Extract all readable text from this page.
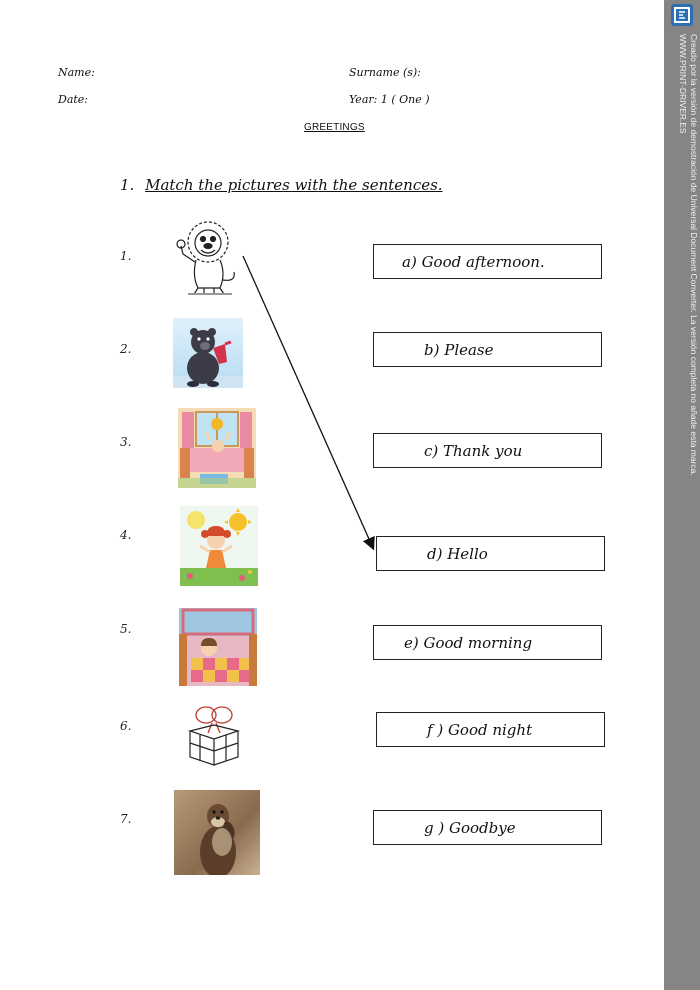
Name:	Surname (s):
Date:	Year: 1 ( One )
GREETINGS
1. Match the pictures with the sentences.
1.
2.
3.
4.
5.
6.
7.
a) Good afternoon.
b) Please
c) Thank you
d) Hello
e) Good morning
f ) Good night
g ) Goodbye
Creado por la versión de demostración de Universal Document Converter. La versión completa no añade esta marca.
WWW.PRINT-DRIVER.ES
